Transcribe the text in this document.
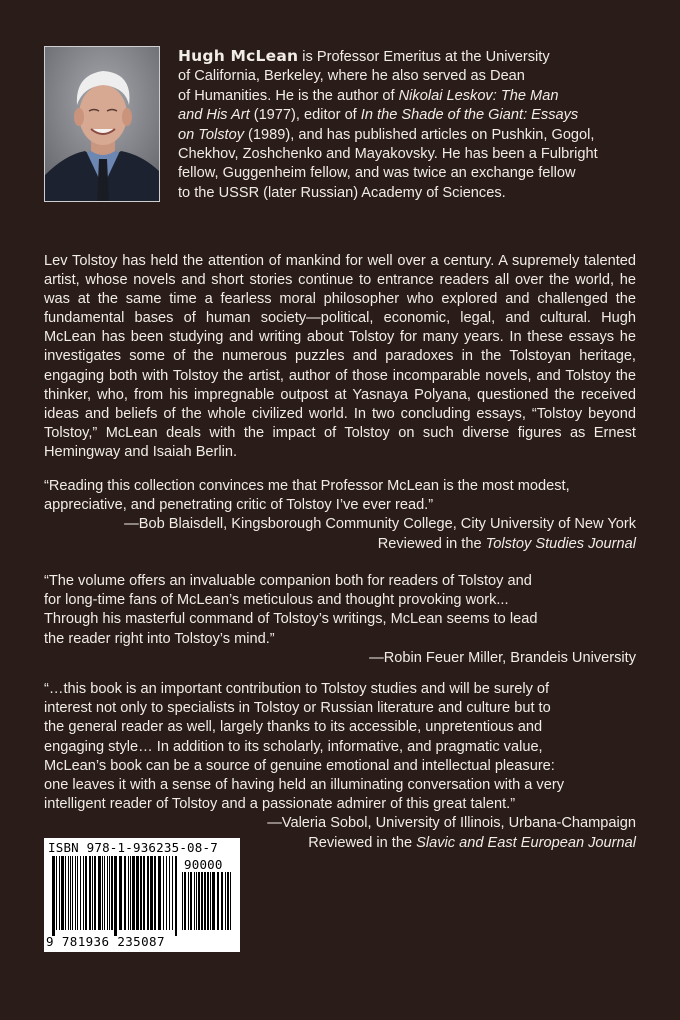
Hugh McLean is Professor Emeritus at the University
of California, Berkeley, where he also served as Dean
of Humanities. He is the author of Nikolai Leskov: The Man
and His Art (1977), editor of In the Shade of the Giant: Essays
on Tolstoy (1989), and has published articles on Pushkin, Gogol,
Chekhov, Zoshchenko and Mayakovsky. He has been a Fulbright
fellow, Guggenheim fellow, and was twice an exchange fellow
to the USSR (later Russian) Academy of Sciences.

Lev Tolstoy has held the attention of mankind for well over a century. A supremely talented artist, whose novels and short stories continue to entrance readers all over the world, he was at the same time a fearless moral philosopher who explored and challenged the fundamental bases of human society—political, economic, legal, and cultural. Hugh McLean has been studying and writing about Tolstoy for many years. In these essays he investigates some of the numerous puzzles and paradoxes in the Tolstoyan heritage, engaging both with Tolstoy the artist, author of those incomparable novels, and Tolstoy the thinker, who, from his impregnable outpost at Yasnaya Polyana, questioned the received ideas and beliefs of the whole civilized world. In two concluding essays, “Tolstoy beyond Tolstoy,” McLean deals with the impact of Tolstoy on such diverse figures as Ernest Hemingway and Isaiah Berlin.

“Reading this collection convinces me that Professor McLean is the most modest,
appreciative, and penetrating critic of Tolstoy I’ve ever read.”
—Bob Blaisdell, Kingsborough Community College, City University of New York
Reviewed in the Tolstoy Studies Journal
“The volume offers an invaluable companion both for readers of Tolstoy and
for long-time fans of McLean’s meticulous and thought provoking work...
Through his masterful command of Tolstoy’s writings, McLean seems to lead
the reader right into Tolstoy’s mind.”
—Robin Feuer Miller, Brandeis University
“…this book is an important contribution to Tolstoy studies and will be surely of
interest not only to specialists in Tolstoy or Russian literature and culture but to
the general reader as well, largely thanks to its accessible, unpretentious and
engaging style… In addition to its scholarly, informative, and pragmatic value,
McLean’s book can be a source of genuine emotional and intellectual pleasure:
one leaves it with a sense of having held an illuminating conversation with a very
intelligent reader of Tolstoy and a passionate admirer of this great talent.”
—Valeria Sobol, University of Illinois, Urbana-Champaign
Reviewed in the Slavic and East European Journal
ISBN 978-1-936235-08-7
90000
9 781936 235087
